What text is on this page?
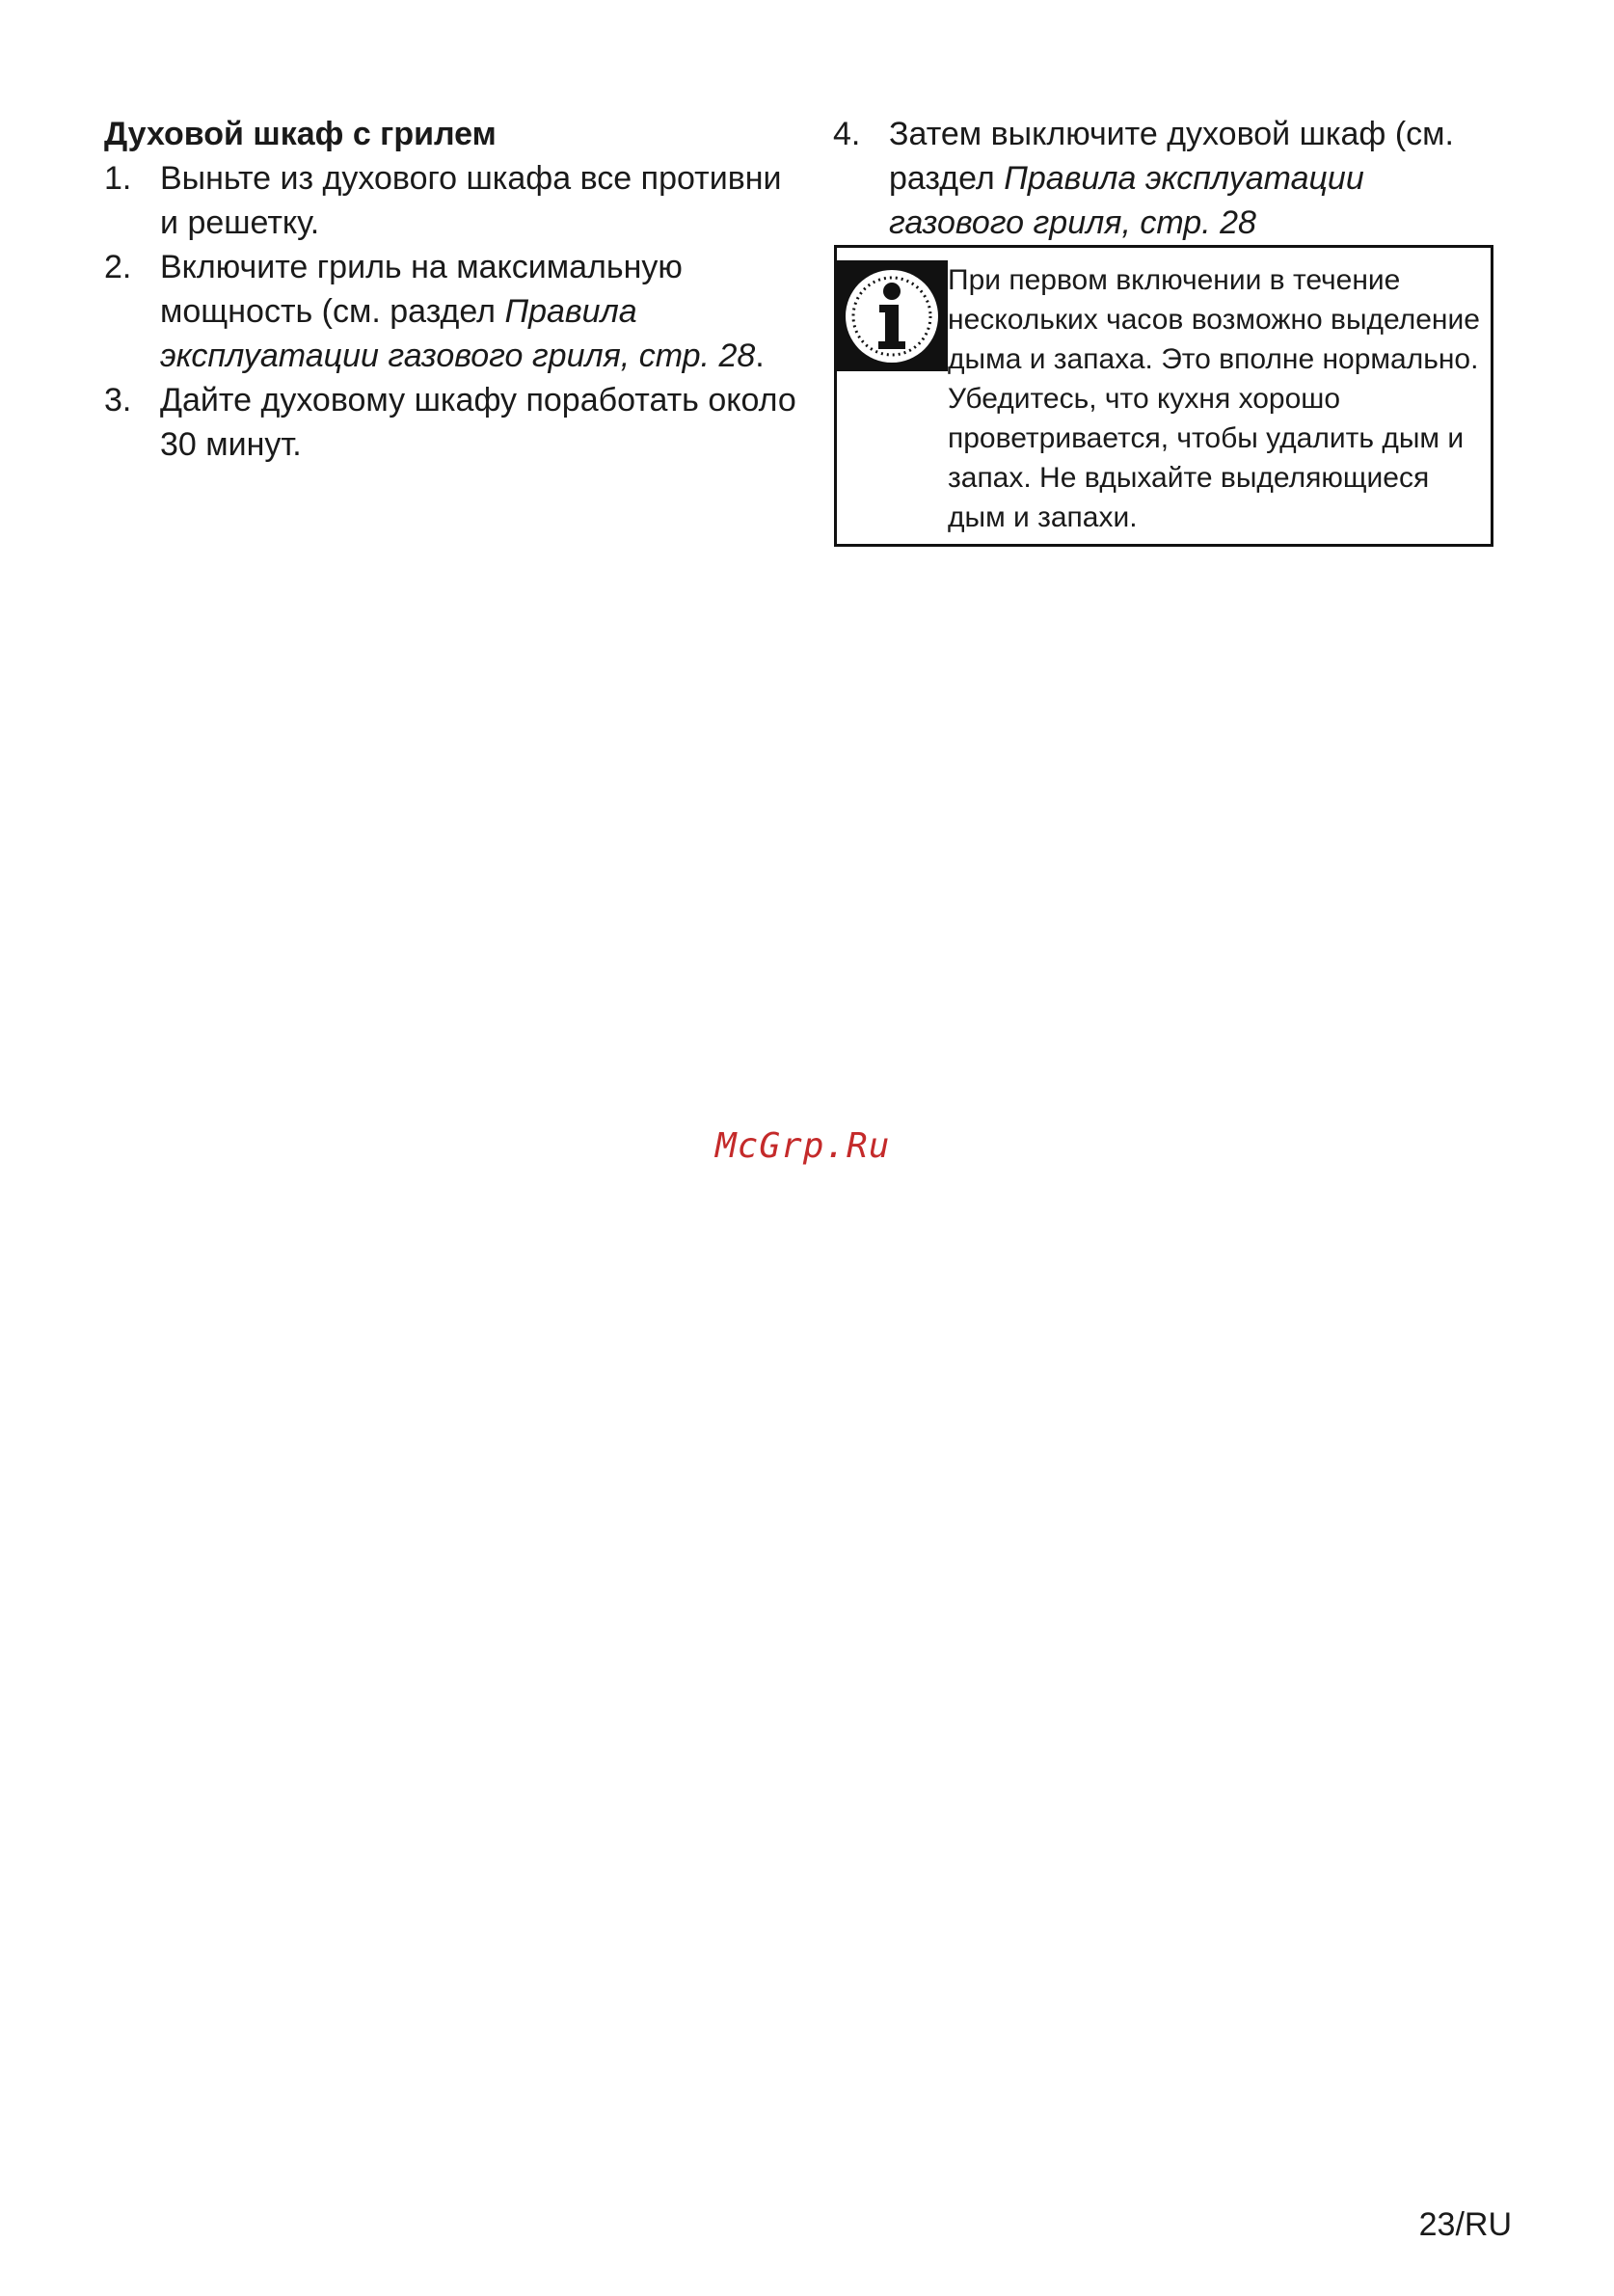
Духовой шкаф с грилем
1. Выньте из духового шкафа все противни и решетку.
2. Включите гриль на максимальную мощность (см. раздел Правила эксплуатации газового гриля, стр. 28.
3. Дайте духовому шкафу поработать около 30 минут.
4. Затем выключите духовой шкаф (см. раздел Правила эксплуатации газового гриля, стр. 28
При первом включении в течение нескольких часов возможно выделение дыма и запаха. Это вполне нормально. Убедитесь, что кухня хорошо проветривается, чтобы удалить дым и запах. Не вдыхайте выделяющиеся дым и запахи.
McGrp.Ru
23/RU
